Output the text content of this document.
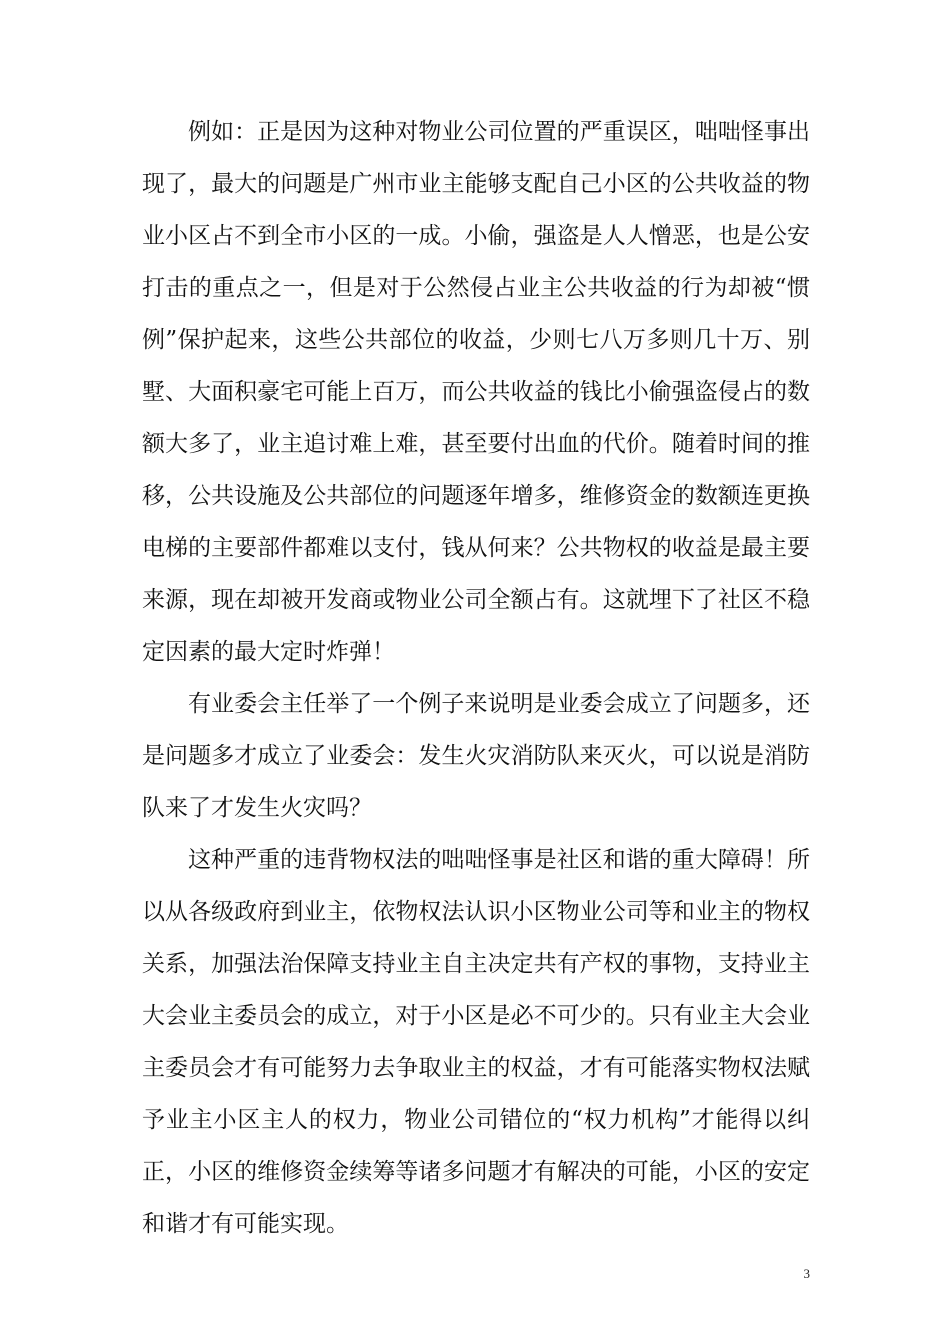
例如：正是因为这种对物业公司位置的严重误区，咄咄怪事出现了，最大的问题是广州市业主能够支配自己小区的公共收益的物业小区占不到全市小区的一成。小偷，强盗是人人憎恶，也是公安打击的重点之一，但是对于公然侵占业主公共收益的行为却被“惯例”保护起来，这些公共部位的收益，少则七八万多则几十万、别墅、大面积豪宅可能上百万，而公共收益的钱比小偷强盗侵占的数额大多了，业主追讨难上难，甚至要付出血的代价。随着时间的推移，公共设施及公共部位的问题逐年增多，维修资金的数额连更换电梯的主要部件都难以支付，钱从何来？公共物权的收益是最主要来源，现在却被开发商或物业公司全额占有。这就埋下了社区不稳定因素的最大定时炸弹！

有业委会主任举了一个例子来说明是业委会成立了问题多，还是问题多才成立了业委会：发生火灾消防队来灭火，可以说是消防队来了才发生火灾吗？

这种严重的违背物权法的咄咄怪事是社区和谐的重大障碍！所以从各级政府到业主，依物权法认识小区物业公司等和业主的物权关系，加强法治保障支持业主自主决定共有产权的事物，支持业主大会业主委员会的成立，对于小区是必不可少的。只有业主大会业主委员会才有可能努力去争取业主的权益，才有可能落实物权法赋予业主小区主人的权力，物业公司错位的“权力机构”才能得以纠正，小区的维修资金续筹等诸多问题才有解决的可能，小区的安定和谐才有可能实现。

3
